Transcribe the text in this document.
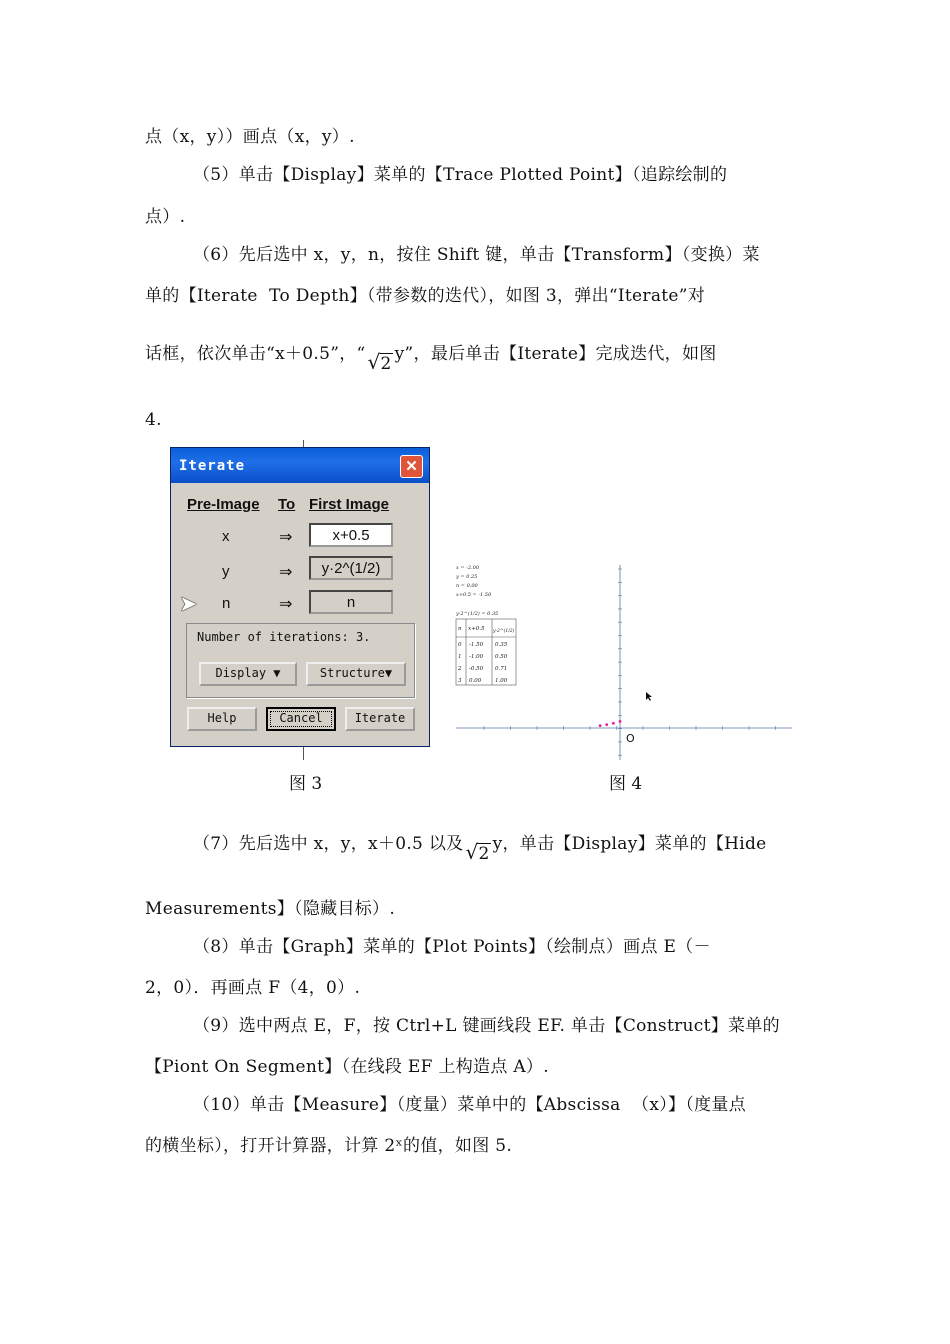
点（x，y））画点（x，y）.
（5）单击【Display】菜单的【Trace Plotted Point】（追踪绘制的
点）.
（6）先后选中 x，y，n，按住 Shift 键，单击【Transform】（变换）菜
单的【Iterate  To Depth】（带参数的迭代），如图 3，弹出“Iterate”对
话框，依次单击“x＋0.5”，“ √ 2 y”，最后单击【Iterate】完成迭代，如图
4.
Iterate	✕
Pre-Image To First Image
x	⇒	x+0.5
y	⇒	y·2^(1/2)
n	⇒	n
➤
Number of iterations: 3.
Display ▼	Structure▼
Help	Cancel	Iterate
图 3
x = -2.00
y = 0.25
n = 0.00
x+0.5 = -1.50
y·2^(1/2) = 0.35
n x+0.5 y·2^(1/2)
0 -1.50 0.35
1 -1.00 0.50
2 -0.50 0.71
3 0.00	1.00
O
图 4
（7）先后选中 x，y，x＋0.5 以及 √ 2 y，单击【Display】菜单的【Hide
Measurements】（隐藏目标）.
（8）单击【Graph】菜单的【Plot Points】（绘制点）画点 E（－
2，0）．再画点 F（4，0）.
（9）选中两点 E，F，按 Ctrl+L 键画线段 EF. 单击【Construct】菜单的
【Piont On Segment】（在线段 EF 上构造点 A）.
（10）单击【Measure】（度量）菜单中的【Abscissa  （x）】（度量点
的横坐标），打开计算器，计算 2ˣ的值，如图 5.
